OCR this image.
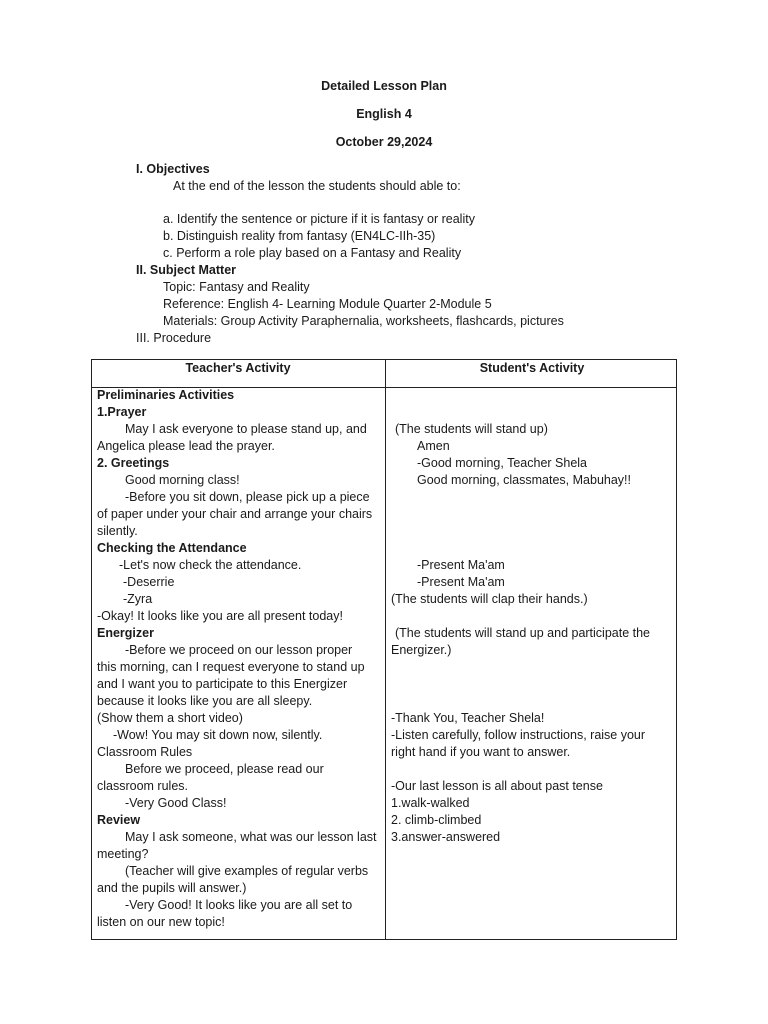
Detailed Lesson Plan
English 4
October 29,2024
I. Objectives
At the end of the lesson the students should able to:
a. Identify the sentence or picture if it is fantasy or reality
b. Distinguish reality from fantasy (EN4LC-IIh-35)
c. Perform a role play based on a Fantasy and Reality
II. Subject Matter
Topic: Fantasy and Reality
Reference: English 4- Learning Module Quarter 2-Module 5
Materials: Group Activity Paraphernalia, worksheets, flashcards, pictures
III. Procedure
Teacher's Activity	Student's Activity
Preliminaries Activities
1.Prayer
May I ask everyone to please stand up, and
Angelica please lead the prayer.
2. Greetings
Good morning class!
-Before you sit down, please pick up a piece
of paper under your chair and arrange your chairs
silently.
Checking the Attendance
-Let's now check the attendance.
-Deserrie
-Zyra
-Okay! It looks like you are all present today!
Energizer
-Before we proceed on our lesson proper
this morning, can I request everyone to stand up
and I want you to participate to this Energizer
because it looks like you are all sleepy.
(Show them a short video)
-Wow! You may sit down now, silently.
Classroom Rules
Before we proceed, please read our
classroom rules.
-Very Good Class!
Review
May I ask someone, what was our lesson last
meeting?
(Teacher will give examples of regular verbs
and the pupils will answer.)
-Very Good! It looks like you are all set to
listen on our new topic!
(The students will stand up)
Amen
-Good morning, Teacher Shela
Good morning, classmates, Mabuhay!!
-Present Ma'am
-Present Ma'am
(The students will clap their hands.)
(The students will stand up and participate the
Energizer.)
-Thank You, Teacher Shela!
-Listen carefully, follow instructions, raise your
right hand if you want to answer.
-Our last lesson is all about past tense
1.walk-walked
2. climb-climbed
3.answer-answered
